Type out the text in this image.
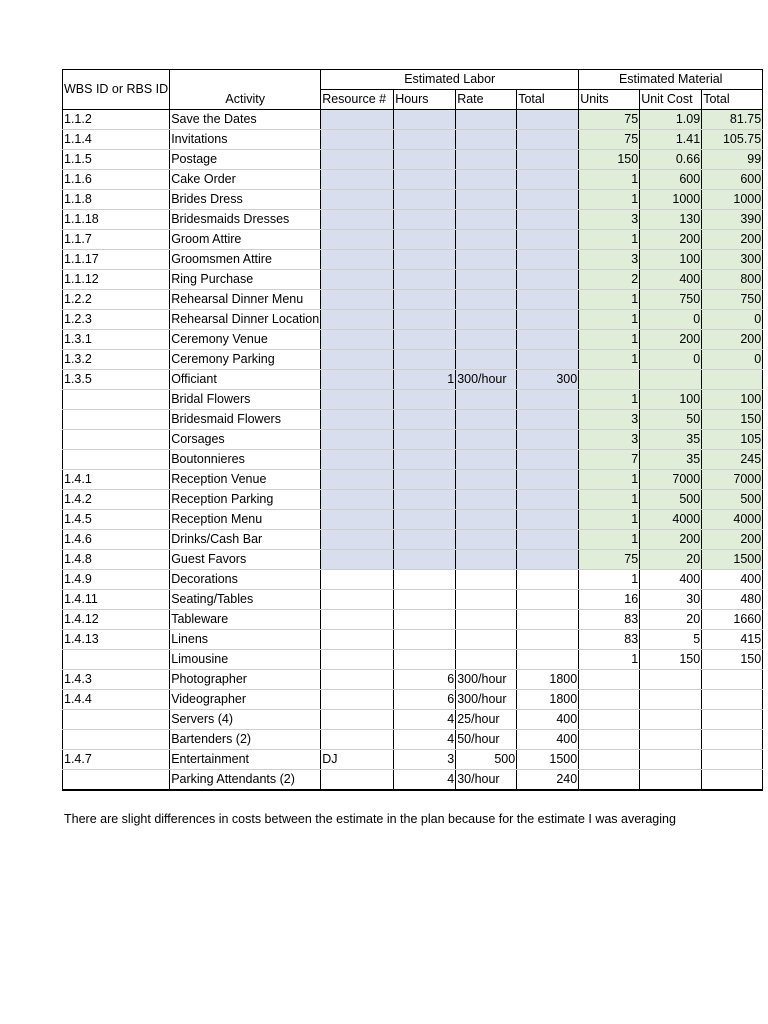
WBS ID or RBS ID	Activity	Estimated Labor				Estimated Material		
		Resource #	Hours	Rate	Total	Units	Unit Cost	Total
1.1.2	Save the Dates					75	1.09	81.75
1.1.4	Invitations					75	1.41	105.75
1.1.5	Postage					150	0.66	99
1.1.6	Cake Order					1	600	600
1.1.8	Brides Dress					1	1000	1000
1.1.18	Bridesmaids Dresses					3	130	390
1.1.7	Groom Attire					1	200	200
1.1.17	Groomsmen Attire					3	100	300
1.1.12	Ring Purchase					2	400	800
1.2.2	Rehearsal Dinner Menu					1	750	750
1.2.3	Rehearsal Dinner Location					1	0	0
1.3.1	Ceremony Venue					1	200	200
1.3.2	Ceremony Parking					1	0	0
1.3.5	Officiant		1	300/hour	300			
	Bridal Flowers					1	100	100
	Bridesmaid Flowers					3	50	150
	Corsages					3	35	105
	Boutonnieres					7	35	245
1.4.1	Reception Venue					1	7000	7000
1.4.2	Reception Parking					1	500	500
1.4.5	Reception Menu					1	4000	4000
1.4.6	Drinks/Cash Bar					1	200	200
1.4.8	Guest Favors					75	20	1500
1.4.9	Decorations					1	400	400
1.4.11	Seating/Tables					16	30	480
1.4.12	Tableware					83	20	1660
1.4.13	Linens					83	5	415
	Limousine					1	150	150
1.4.3	Photographer		6	300/hour	1800			
1.4.4	Videographer		6	300/hour	1800			
	Servers (4)		4	25/hour	400			
	Bartenders (2)		4	50/hour	400			
1.4.7	Entertainment	DJ	3	500	1500			
	Parking Attendants (2)		4	30/hour	240			
There are slight differences in costs between the estimate in the plan because for the estimate I was averaging
